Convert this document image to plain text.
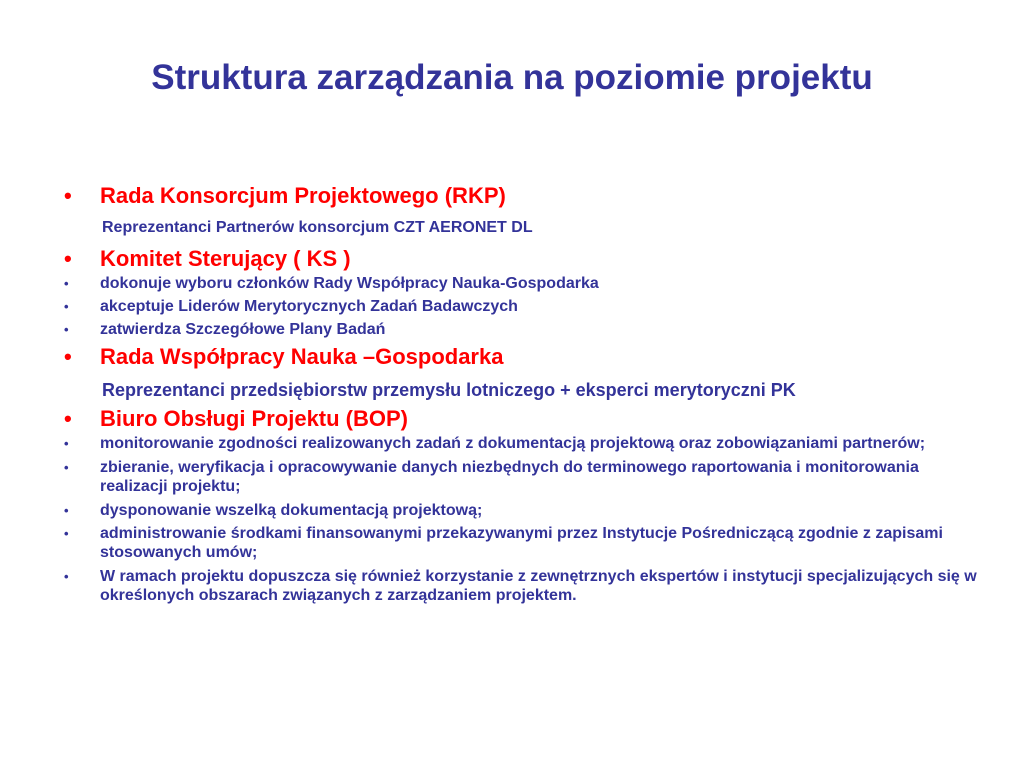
Struktura zarządzania na poziomie projektu
• Rada Konsorcjum Projektowego (RKP)
Reprezentanci Partnerów konsorcjum CZT AERONET DL
• Komitet Sterujący ( KS )
• dokonuje wyboru członków Rady Współpracy Nauka-Gospodarka
• akceptuje Liderów Merytorycznych Zadań Badawczych
• zatwierdza Szczegółowe Plany Badań
• Rada Współpracy Nauka –Gospodarka
Reprezentanci przedsiębiorstw przemysłu lotniczego + eksperci merytoryczni PK
• Biuro Obsługi Projektu (BOP)
• monitorowanie zgodności realizowanych zadań z dokumentacją projektową oraz zobowiązaniami partnerów;
• zbieranie, weryfikacja i opracowywanie danych niezbędnych do terminowego raportowania i monitorowania realizacji projektu;
• dysponowanie wszelką dokumentacją projektową;
• administrowanie środkami finansowanymi przekazywanymi przez Instytucje Pośredniczącą zgodnie z zapisami stosowanych umów;
• W ramach projektu dopuszcza się również korzystanie z zewnętrznych ekspertów i instytucji specjalizujących się w określonych obszarach związanych z zarządzaniem projektem.
